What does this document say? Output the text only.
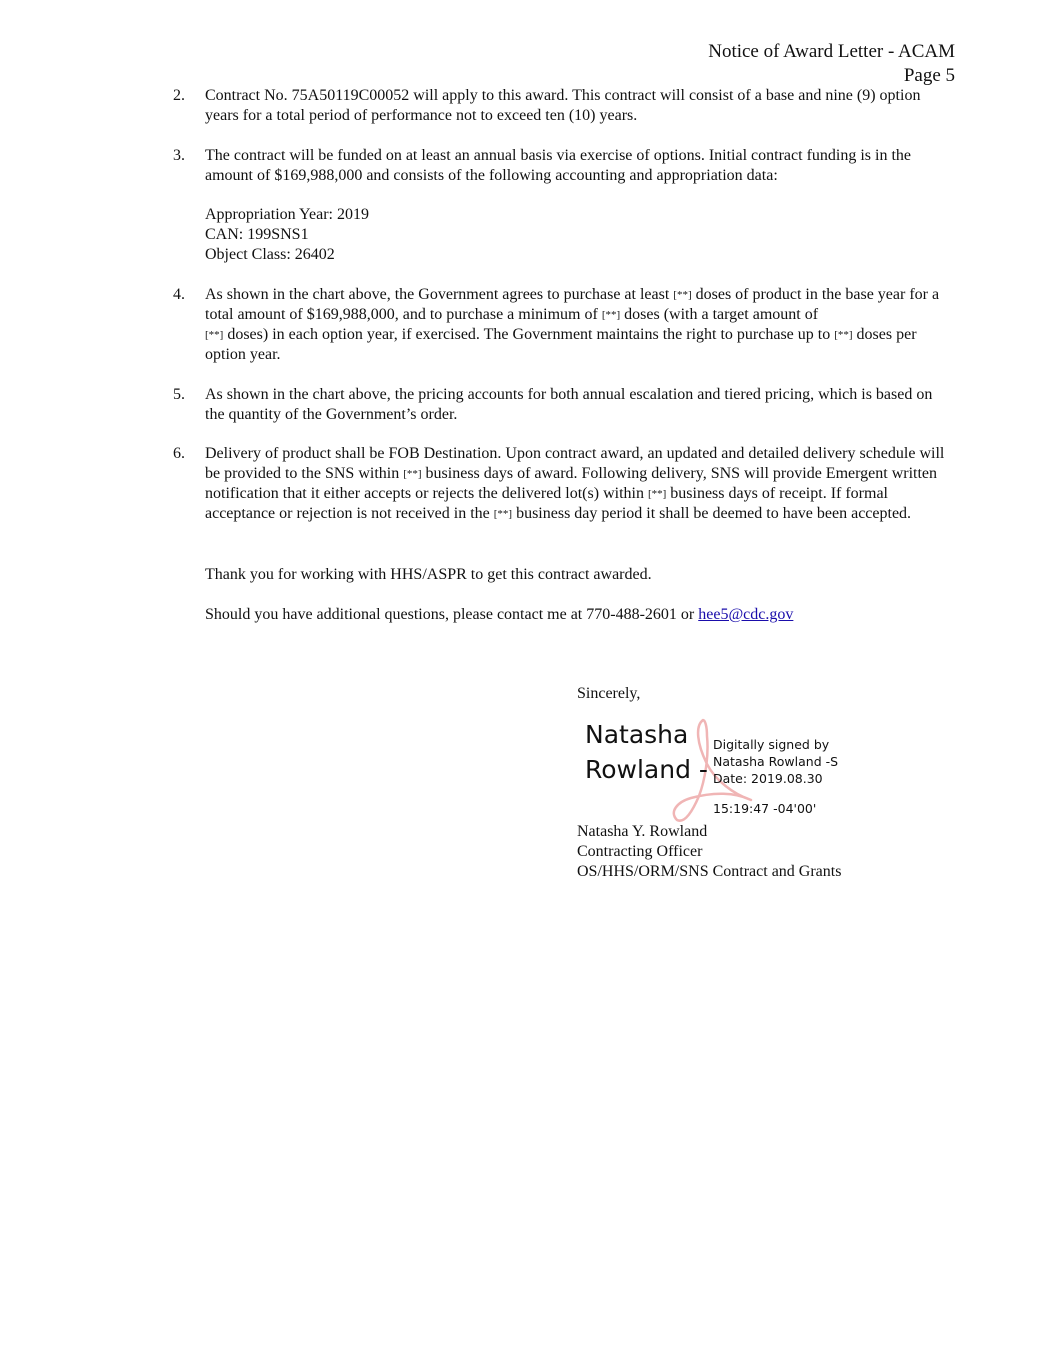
Notice of Award Letter - ACAM
Page 5
2.	Contract No. 75A50119C00052 will apply to this award. This contract will consist of a base and nine (9) option years for a total period of performance not to exceed ten (10) years.
3.	The contract will be funded on at least an annual basis via exercise of options. Initial contract funding is in the amount of $169,988,000 and consists of the following accounting and appropriation data:
Appropriation Year: 2019
CAN: 199SNS1
Object Class: 26402
4.	As shown in the chart above, the Government agrees to purchase at least [**] doses of product in the base year for a total amount of $169,988,000, and to purchase a minimum of [**] doses (with a target amount of
[**] doses) in each option year, if exercised. The Government maintains the right to purchase up to [**] doses per option year.
5.	As shown in the chart above, the pricing accounts for both annual escalation and tiered pricing, which is based on the quantity of the Government’s order.
6.	Delivery of product shall be FOB Destination. Upon contract award, an updated and detailed delivery schedule will be provided to the SNS within [**] business days of award. Following delivery, SNS will provide Emergent written notification that it either accepts or rejects the delivered lot(s) within [**] business days of receipt. If formal acceptance or rejection is not received in the [**] business day period it shall be deemed to have been accepted.
Thank you for working with HHS/ASPR to get this contract awarded.
Should you have additional questions, please contact me at 770-488-2601 or hee5@cdc.gov
Sincerely,
Natasha
Rowland -
Digitally signed by
Natasha Rowland -S
Date: 2019.08.30
15:19:47 -04'00'
Natasha Y. Rowland
Contracting Officer
OS/HHS/ORM/SNS Contract and Grants
